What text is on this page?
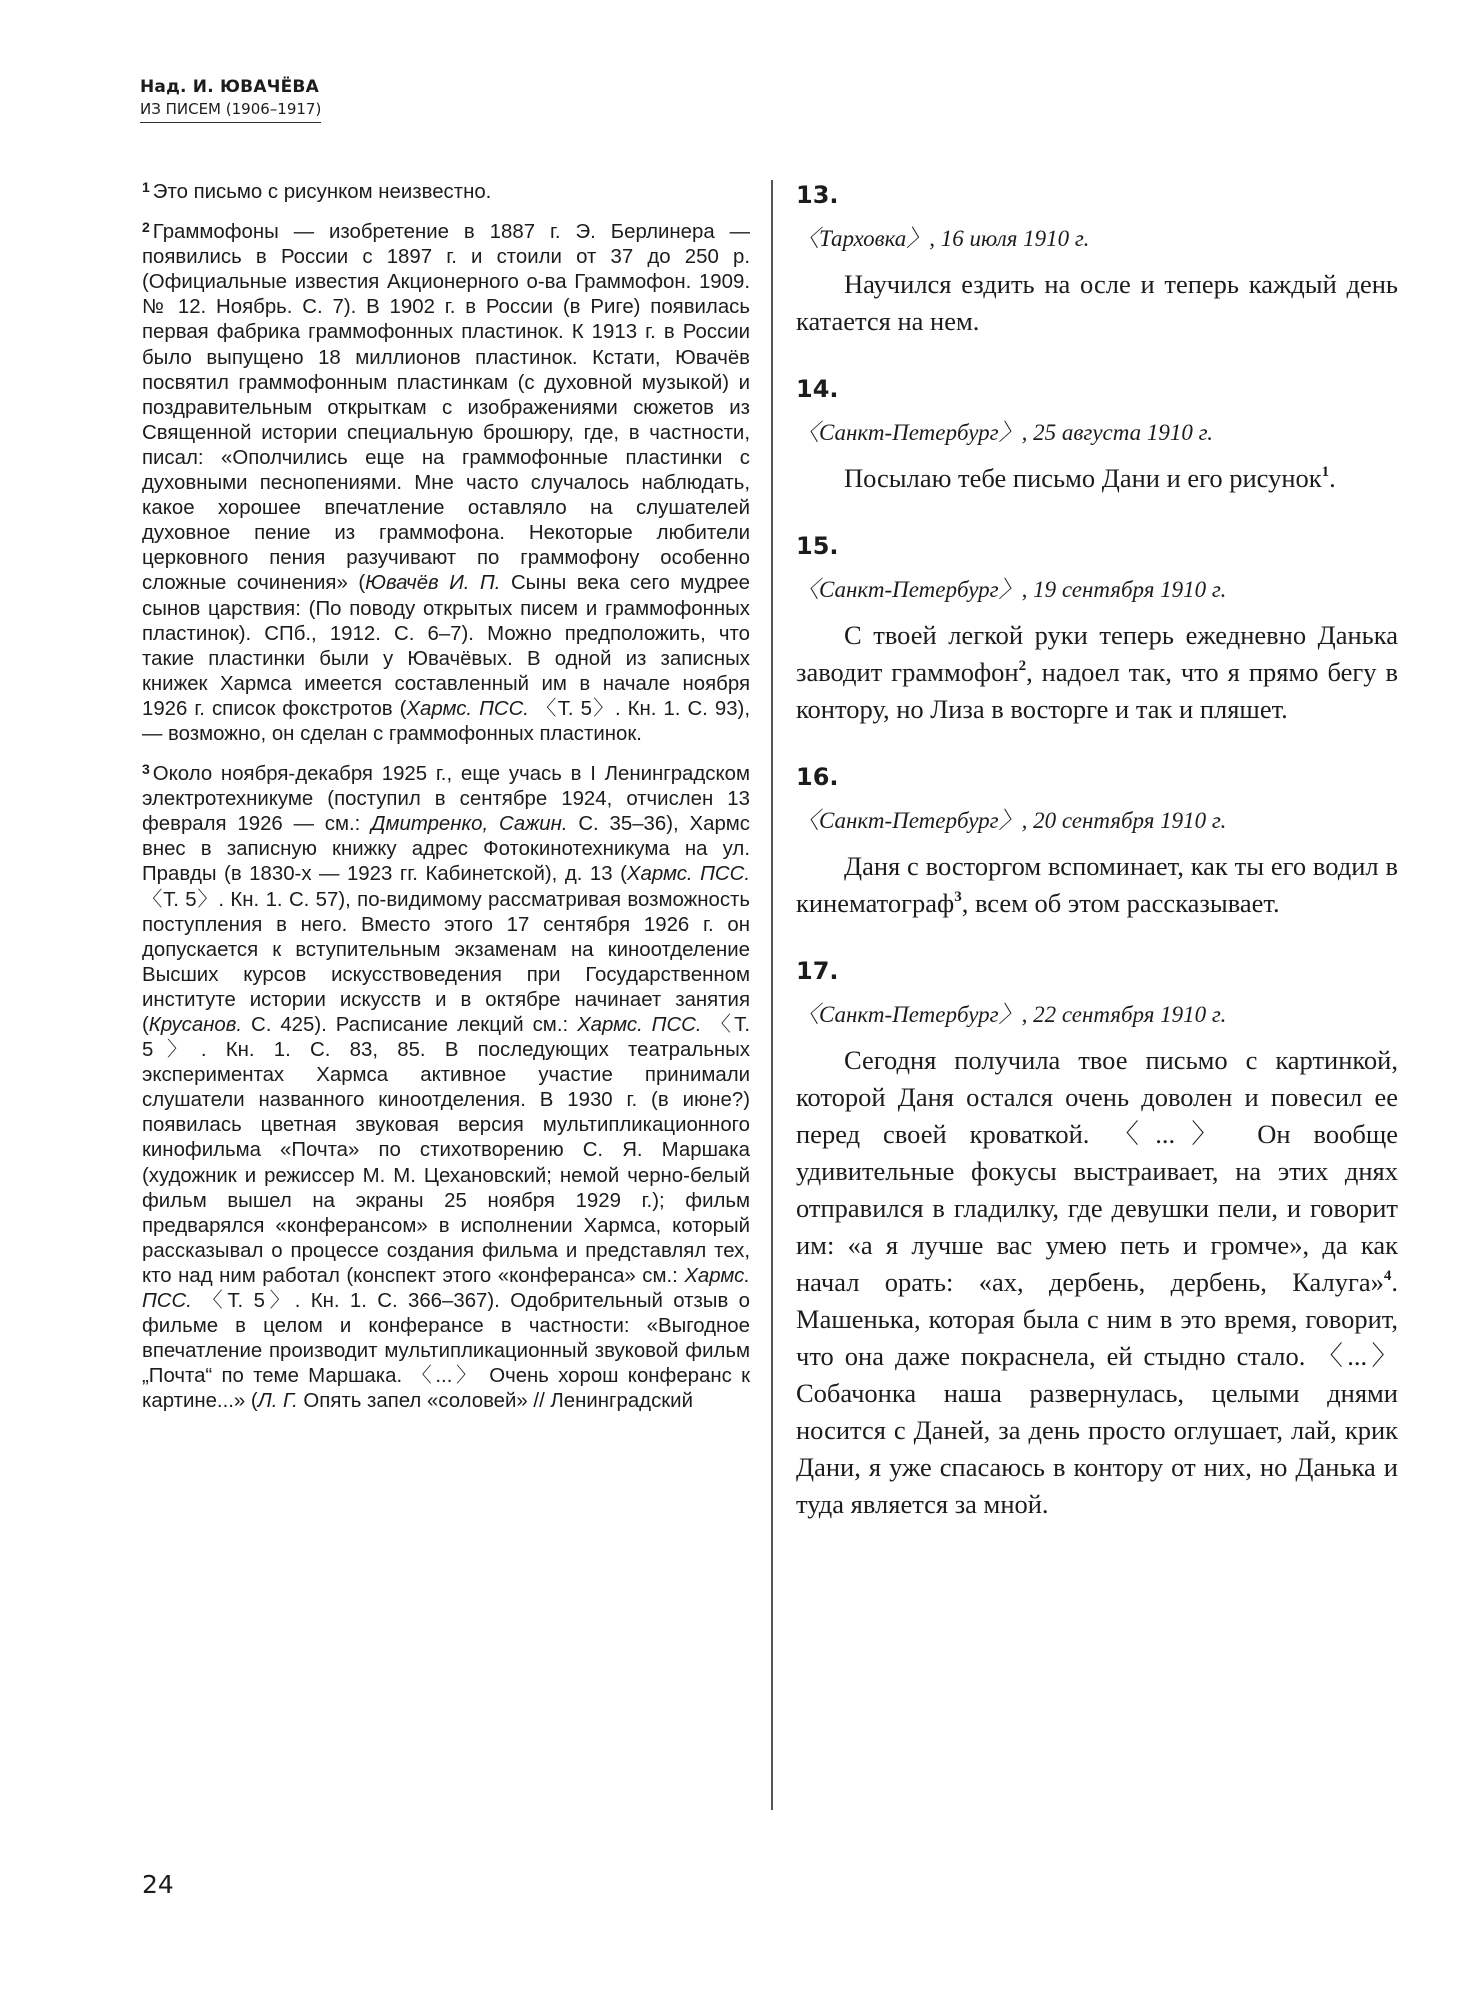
Над. И. ЮВАЧЁВА
ИЗ ПИСЕМ (1906–1917)

$^1$ Это письмо с рисунком неизвестно.

$^2$ Граммофоны — изобретение в 1887 г. Э. Берлинера — появились в России с 1897 г. и стоили от 37 до 250 р. (Официальные известия Акционерного о-ва Граммофон. 1909. № 12. Ноябрь. С. 7). В 1902 г. в России (в Риге) появилась первая фабрика граммофонных пластинок. К 1913 г. в России было выпущено 18 миллионов пластинок. Кстати, Ювачёв посвятил граммофонным пластинкам (с духовной музыкой) и поздравительным открыткам с изображениями сюжетов из Священной истории специальную брошюру, где, в частности, писал: «Ополчились еще на граммофонные пластинки с духовными песнопениями. Мне часто случалось наблюдать, какое хорошее впечатление оставляло на слушателей духовное пение из граммофона. Некоторые любители церковного пения разучивают по граммофону особенно сложные сочинения» (Ювачёв И. П. Сыны века сего мудрее сынов царствия: (По поводу открытых писем и граммофонных пластинок). СПб., 1912. С. 6–7). Можно предположить, что такие пластинки были у Ювачёвых. В одной из записных книжек Хармса имеется составленный им в начале ноября 1926 г. список фокстротов (Хармс. ПСС. 〈Т. 5〉. Кн. 1. С. 93), — возможно, он сделан с граммофонных пластинок.

$^3$ Около ноября-декабря 1925 г., еще учась в I Ленинградском электротехникуме (поступил в сентябре 1924, отчислен 13 февраля 1926 — см.: Дмитренко, Сажин. С. 35–36), Хармс внес в записную книжку адрес Фотокинотехникума на ул. Правды (в 1830-х — 1923 гг. Кабинетской), д. 13 (Хармс. ПСС. 〈Т. 5〉. Кн. 1. С. 57), по-видимому рассматривая возможность поступления в него. Вместо этого 17 сентября 1926 г. он допускается к вступительным экзаменам на киноотделение Высших курсов искусствоведения при Государственном институте истории искусств и в октябре начинает занятия (Крусанов. С. 425). Расписание лекций см.: Хармс. ПСС. 〈Т. 5〉. Кн. 1. С. 83, 85. В последующих театральных экспериментах Хармса активное участие принимали слушатели названного киноотделения. В 1930 г. (в июне?) появилась цветная звуковая версия мультипликационного кинофильма «Почта» по стихотворению С. Я. Маршака (художник и режиссер М. М. Цехановский; немой черно-белый фильм вышел на экраны 25 ноября 1929 г.); фильм предварялся «конферансом» в исполнении Хармса, который рассказывал о процессе создания фильма и представлял тех, кто над ним работал (конспект этого «конферанса» см.: Хармс. ПСС. 〈Т. 5〉. Кн. 1. С. 366–367). Одобрительный отзыв о фильме в целом и конферансе в частности: «Выгодное впечатление производит мультипликационный звуковой фильм „Почта“ по теме Маршака. 〈...〉 Очень хорош конферанс к картине...» (Л. Г. Опять запел «соловей» // Ленинградский

13.
〈Тарховка〉, 16 июля 1910 г.

Научился ездить на осле и теперь каждый день катается на нем.

14.
〈Санкт-Петербург〉, 25 августа 1910 г.

Посылаю тебе письмо Дани и его рисунок$^1$.

15.
〈Санкт-Петербург〉, 19 сентября 1910 г.

С твоей легкой руки теперь ежедневно Данька заводит граммофон$^2$, надоел так, что я прямо бегу в контору, но Лиза в восторге и так и пляшет.

16.
〈Санкт-Петербург〉, 20 сентября 1910 г.

Даня с восторгом вспоминает, как ты его водил в кинематограф$^3$, всем об этом рассказывает.

17.
〈Санкт-Петербург〉, 22 сентября 1910 г.

Сегодня получила твое письмо с картинкой, которой Даня остался очень доволен и повесил ее перед своей кроваткой. 〈...〉 Он вообще удивительные фокусы выстраивает, на этих днях отправился в гладилку, где девушки пели, и говорит им: «а я лучше вас умею петь и громче», да как начал орать: «ах, дербень, дербень, Калуга»$^4$. Машенька, которая была с ним в это время, говорит, что она даже покраснела, ей стыдно стало. 〈...〉 Собачонка наша развернулась, целыми днями носится с Даней, за день просто оглушает, лай, крик Дани, я уже спасаюсь в контору от них, но Данька и туда является за мной.

24
